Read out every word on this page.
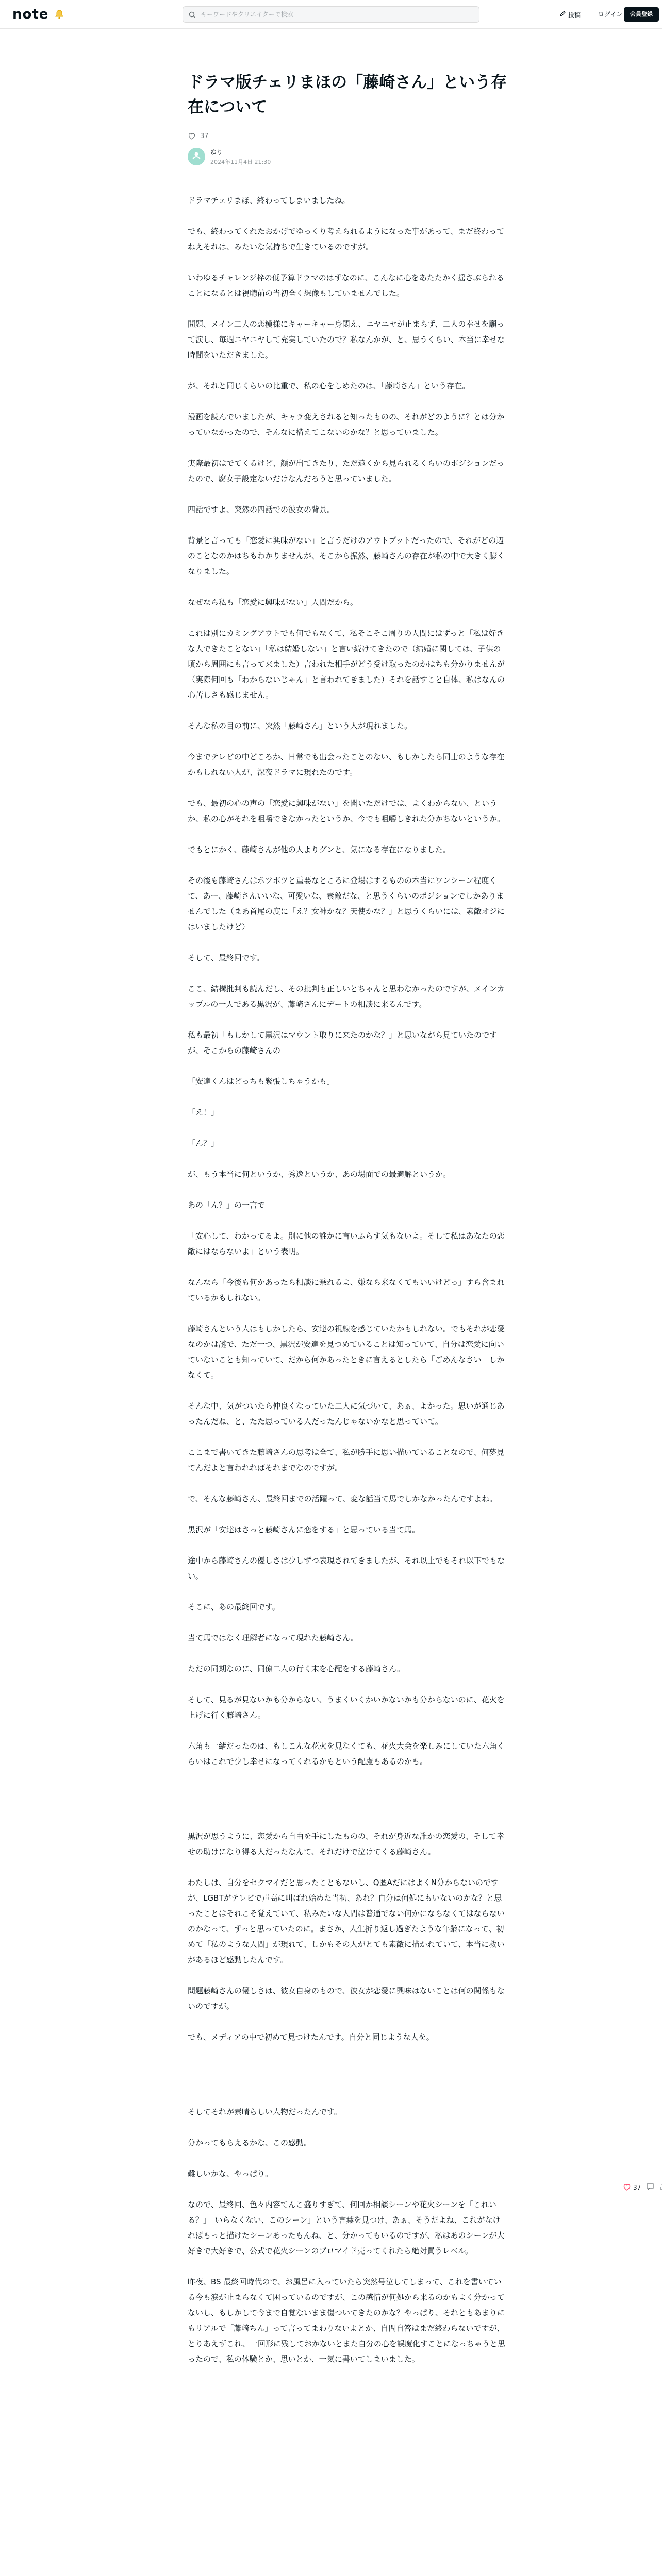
note
キーワードやクリエイターで検索	投稿	ログイン	会員登録
ドラマ版チェリまほの「藤崎さん」という存在について
37
ゆり
2024年11月4日 21:30

ドラマチェリまほ、終わってしまいましたね。

でも、終わってくれたおかげでゆっくり考えられるようになった事があって、まだ終わってねえそれは、みたいな気持ちで生きているのですが。

いわゆるチャレンジ枠の低予算ドラマのはずなのに、こんなに心をあたたかく揺さぶられることになるとは視聴前の当初全く想像もしていませんでした。

問題、メイン二人の恋模様にキャーキャー身悶え、ニヤニヤが止まらず、二人の幸せを願って涙し、毎週ニヤニヤして充実していたので？私なんかが、と、思うくらい、本当に幸せな時間をいただきました。

が、それと同じくらいの比重で、私の心をしめたのは、「藤崎さん」という存在。

漫画を読んでいましたが、キャラ変えされると知ったものの、それがどのように？とは分かっていなかったので、そんなに構えてこないのかな？と思っていました。

実際最初はでてくるけど、顔が出てきたり、ただ遠くから見られるくらいのポジションだったので、腐女子設定ないだけなんだろうと思っていました。

四話ですよ、突然の四話での彼女の背景。

背景と言っても「恋愛に興味がない」と言うだけのアウトプットだったので、それがどの辺のことなのかはちもわかりませんが、そこから振然、藤崎さんの存在が私の中で大きく膨くなりました。

なぜなら私も「恋愛に興味がない」人間だから。

これは別にカミングアウトでも何でもなくて、私そこそこ周りの人間にはずっと「私は好きな人できたことない」「私は結婚しない」と言い続けてきたので（結婚に関しては、子供の頃から周囲にも言って来ました）言われた相手がどう受け取ったのかはちも分かりませんが（実際何回も「わからないじゃん」と言われてきました）それを話すこと自体、私はなんの心苦しさも感じません。

そんな私の目の前に、突然「藤崎さん」という人が現れました。

今までテレビの中どころか、日常でも出会ったことのない、もしかしたら同士のような存在かもしれない人が、深夜ドラマに現れたのです。

でも、最初の心の声の「恋愛に興味がない」を聞いただけでは、よくわからない、というか、私の心がそれを咀嚼できなかったというか、今でも咀嚼しきれた分かちないというか。

でもとにかく、藤崎さんが他の人よりグンと、気になる存在になりました。

その後も藤崎さんはポツポツと重要なところに登場はするものの本当にワンシーン程度くて、あー、藤崎さんいいな、可愛いな、素敵だな、と思うくらいのポジションでしかありませんでした（まあ首尾の度に「え？女神かな？天使かな？」と思うくらいには、素敵オジにはいましたけど）

そして、最終回です。

ここ、結構批判も読んだし、その批判も正しいとちゃんと思わなかったのですが、メインカップルの一人である黒沢が、藤崎さんにデートの相談に来るんです。

私も最初「もしかして黒沢はマウント取りに来たのかな？」と思いながら見ていたのですが、そこからの藤崎さんの

「安達くんはどっちも緊張しちゃうかも」

「え！」

「ん？」

が、もう本当に何というか、秀逸というか、あの場面での最適解というか。

あの「ん？」の一言で

「安心して、わかってるよ。別に他の誰かに言いふらす気もないよ。そして私はあなたの恋敵にはならないよ」という表明。

なんなら「今後も何かあったら相談に乗れるよ、嫌なら来なくてもいいけどっ」すら含まれているかもしれない。

藤崎さんという人はもしかしたら、安達の視線を感じていたかもしれない。でもそれが恋愛なのかは謎で、ただ一つ、黒沢が安達を見つめていることは知っていて、自分は恋愛に向いていないことも知っていて、だから何かあったときに言えるとしたら「ごめんなさい」しかなくて。

そんな中、気がついたら仲良くなっていた二人に気づいて、あぁ、よかった。思いが通じあったんだね、と、たた思っている人だったんじゃないかなと思っていて。

ここまで書いてきた藤崎さんの思考は全て、私が勝手に思い描いていることなので、何夢見てんだよと言われればそれまでなのですが。

で、そんな藤崎さん、最終回までの活躍って、変な話当て馬でしかなかったんですよね。

黒沢が「安達はさっと藤崎さんに恋をする」と思っている当て馬。

途中から藤崎さんの優しさは少しずつ表現されてきましたが、それ以上でもそれ以下でもない。

そこに、あの最終回です。

当て馬ではなく理解者になって現れた藤崎さん。

ただの同期なのに、同僚二人の行く末を心配をする藤崎さん。

そして、見るが見ないかも分からない、うまくいくかいかないかも分からないのに、花火を上げに行く藤崎さん。

六角も一緒だったのは、もしこんな花火を見なくても、花火大会を楽しみにしていた六角くらいはこれで少し幸せになってくれるかもという配慮もあるのかも。

黒沢が思うように、恋愛から自由を手にしたものの、それが身近な誰かの恋愛の、そして幸せの助けになり得る人だったなんて、それだけで泣けてくる藤崎さん。

わたしは、自分をセクマイだと思ったこともないし、Q匿AだにはよくN分からないのですが、LGBTがテレビで声高に叫ばれ始めた当初、あれ？自分は何処にもいないのかな？と思ったことはそれこそ覚えていて、私みたいな人間は普通でない何かにならなくてはならないのかなって、ずっと思っていたのに。まさか、人生折り返し過ぎたような年齢になって、初めて「私のような人間」が現れて、しかもその人がとても素敵に描かれていて、本当に救いがあるほど感動したんです。

問題藤崎さんの優しさは、彼女自身のもので、彼女が恋愛に興味はないことは何の関係もないのですが。

でも、メディアの中で初めて見つけたんです。自分と同じような人を。

そしてそれが素晴らしい人物だったんです。

分かってもらえるかな、この感動。

難しいかな、やっぱり。

なので、最終回、色々内容てんこ盛りすぎて、何回か相談シーンや花火シーンを「これいる？」「いらなくない、このシーン」という言葉を見つけ、あぁ、そうだよね、これがなければもっと描けたシーンあったもんね、と、分かってもいるのですが、私はあのシーンが大好きで大好きで、公式で花火シーンのブロマイド売ってくれたら絶対買うレベル。

昨夜、BS 最終回時代ので、お風呂に入っていたら突然号泣してしまって、これを書いている今も涙が止まらなくて困っているのですが、この感情が何処から来るのかもよく分かってないし、もしかして今まで自覚ないまま傷ついてきたのかな？やっぱり、それともあまりにもリアルで「藤崎ちん」って言ってまわりないよとか、自問自答はまだ終わらないですが、とりあえずこれ、一回形に残しておかないとまた自分の心を誤魔化すことになっちゃうと思ったので、私の体験とか、思いとか、一気に書いてしまいました。

37
